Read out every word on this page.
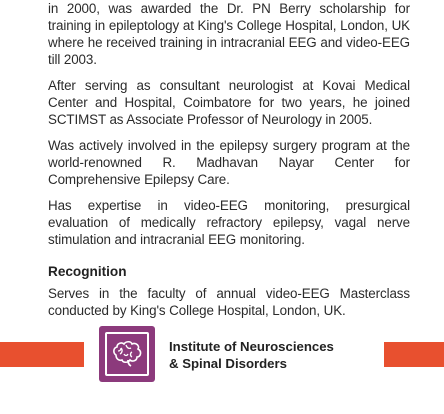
in 2000, was awarded the Dr. PN Berry scholarship for training in epileptology at King's College Hospital, London, UK where he received training in intracranial EEG and video-EEG till 2003.

After serving as consultant neurologist at Kovai Medical Center and Hospital, Coimbatore for two years, he joined SCTIMST as Associate Professor of Neurology in 2005.

Was actively involved in the epilepsy surgery program at the world-renowned R. Madhavan Nayar Center for Comprehensive Epilepsy Care.

Has expertise in video-EEG monitoring, presurgical evaluation of medically refractory epilepsy, vagal nerve stimulation and intracranial EEG monitoring.

Recognition

Serves in the faculty of annual video-EEG Masterclass conducted by King's College Hospital, London, UK.

Institute of Neurosciences
& Spinal Disorders
